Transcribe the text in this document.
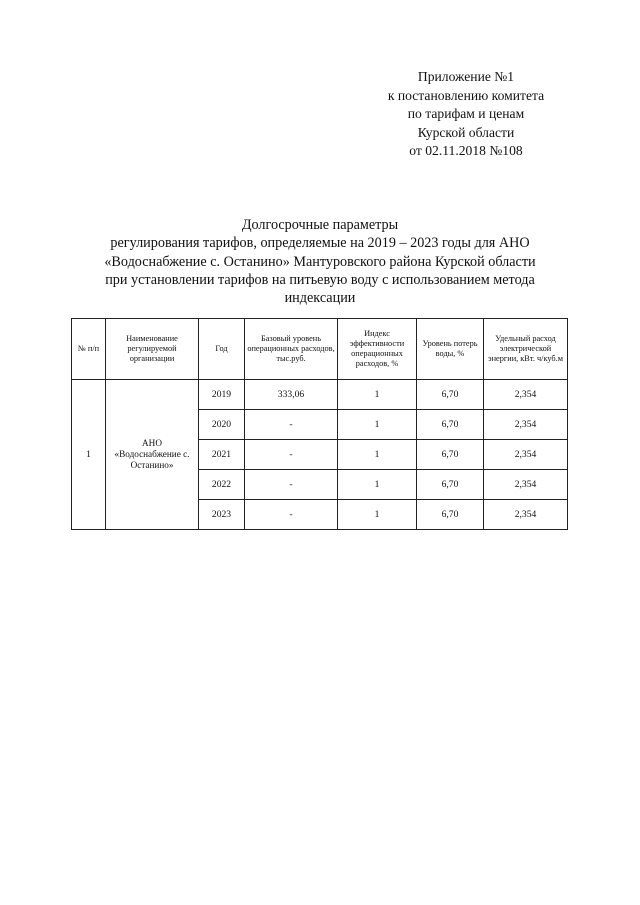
Приложение №1
к постановлению комитета
по тарифам и ценам
Курской области
от 02.11.2018 №108
Долгосрочные параметры
регулирования тарифов, определяемые на 2019 – 2023 годы для АНО
«Водоснабжение с. Останино» Мантуровского района Курской области
при установлении тарифов на питьевую воду с использованием метода
индексации
№ п/п	Наименование регулируемой организации	Год	Базовый уровень операционных расходов, тыс.руб.	Индекс эффективности операционных расходов, %	Уровень потерь воды, %	Удельный расход электрической энергии, кВт. ч/куб.м
1	АНО «Водоснабжение с. Останино»	2019	333,06	1	6,70	2,354
		2020	-	1	6,70	2,354
		2021	-	1	6,70	2,354
		2022	-	1	6,70	2,354
		2023	-	1	6,70	2,354
